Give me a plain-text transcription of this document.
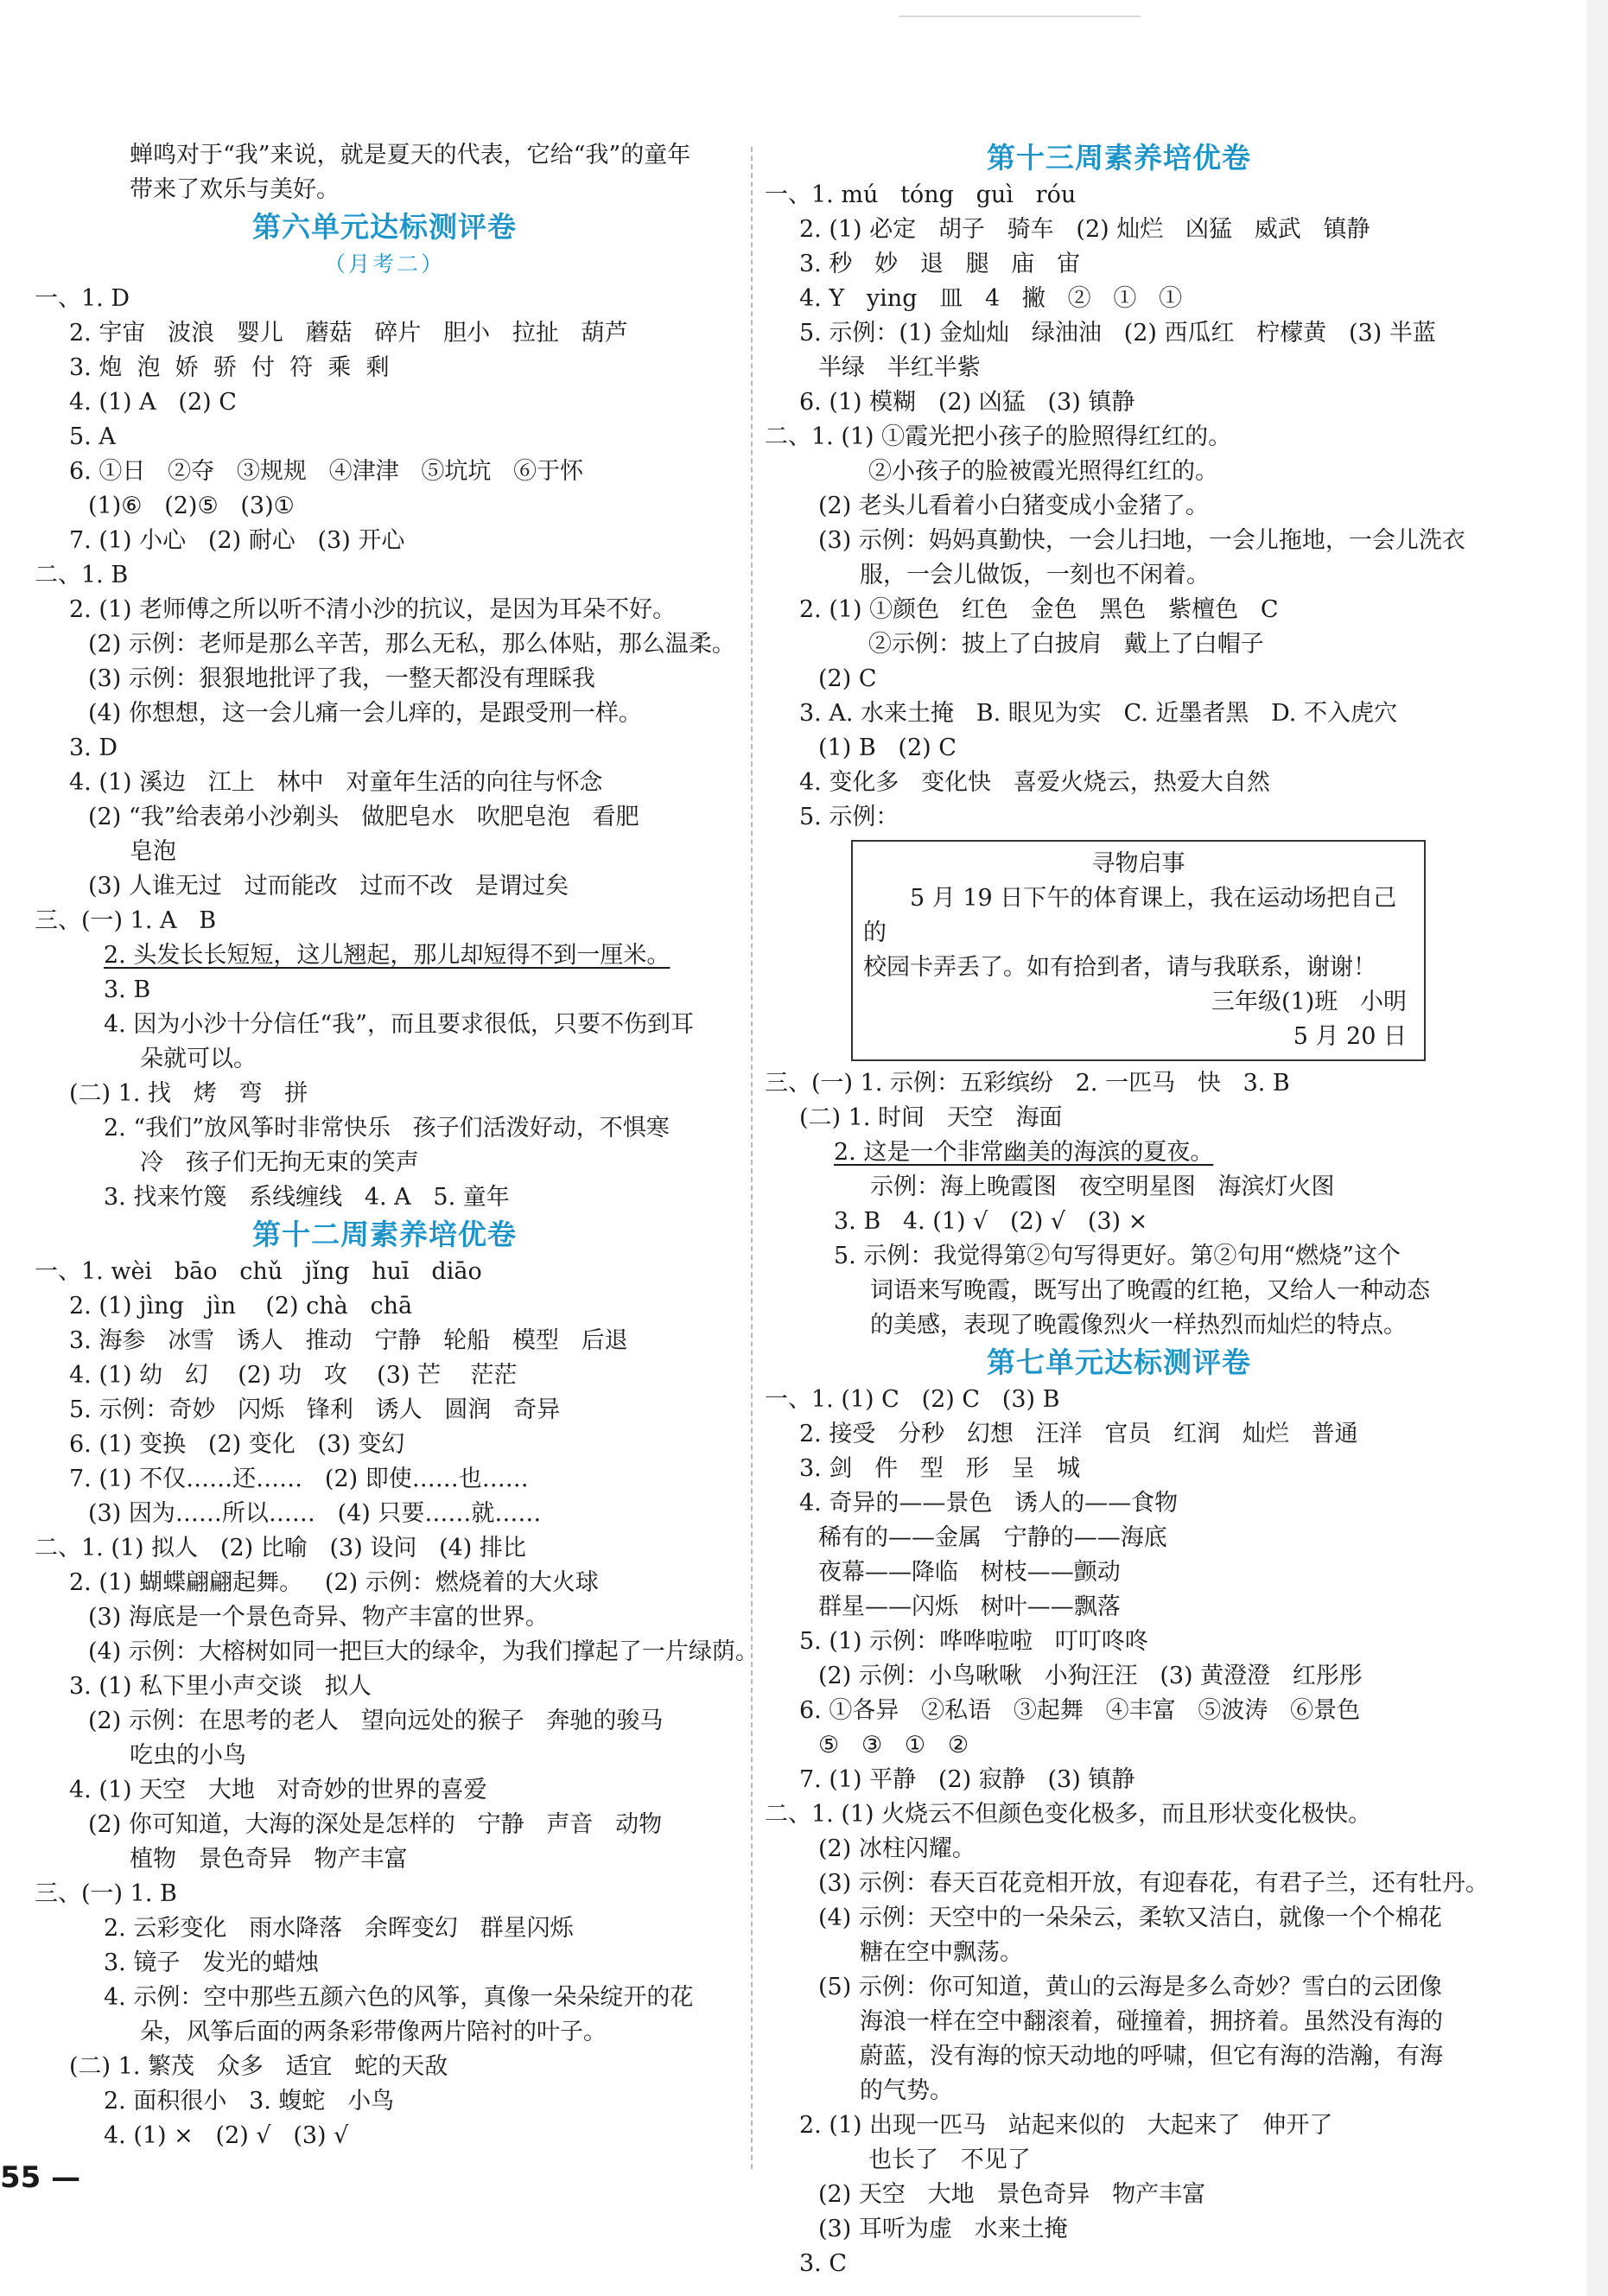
蝉鸣对于“我”来说，就是夏天的代表，它给“我”的童年
带来了欢乐与美好。
第六单元达标测评卷
（月考二）
一、1. D
2. 宇宙   波浪   婴儿   蘑菇   碎片   胆小   拉扯   葫芦
3. 炮  泡  娇  骄  付  符  乘  剩
4. (1) A   (2) C
5. A
6. ①日   ②夺   ③规规   ④津津   ⑤坑坑   ⑥于怀
(1)⑥   (2)⑤   (3)①
7. (1) 小心   (2) 耐心   (3) 开心
二、1. B
2. (1) 老师傅之所以听不清小沙的抗议，是因为耳朵不好。
(2) 示例：老师是那么辛苦，那么无私，那么体贴，那么温柔。
(3) 示例：狠狠地批评了我，一整天都没有理睬我
(4) 你想想，这一会儿痛一会儿痒的，是跟受刑一样。
3. D
4. (1) 溪边   江上   林中   对童年生活的向往与怀念
(2) “我”给表弟小沙剃头   做肥皂水   吹肥皂泡   看肥
皂泡
(3) 人谁无过   过而能改   过而不改   是谓过矣
三、(一) 1. A   B
2. 头发长长短短，这儿翘起，那儿却短得不到一厘米。
3. B
4. 因为小沙十分信任“我”，而且要求很低，只要不伤到耳
朵就可以。
(二) 1. 找   烤   弯   拼
2. “我们”放风筝时非常快乐   孩子们活泼好动，不惧寒
冷   孩子们无拘无束的笑声
3. 找来竹篾   系线缠线   4. A   5. 童年
第十二周素养培优卷
一、1. wèi   bāo   chǔ   jǐng   huī   diāo
2. (1) jìng   jìn    (2) chà   chā
3. 海参   冰雪   诱人   推动   宁静   轮船   模型   后退
4. (1) 幼   幻    (2) 功   攻    (3) 芒    茫茫
5. 示例：奇妙   闪烁   锋利   诱人   圆润   奇异
6. (1) 变换   (2) 变化   (3) 变幻
7. (1) 不仅……还……   (2) 即使……也……
(3) 因为……所以……   (4) 只要……就……
二、1. (1) 拟人   (2) 比喻   (3) 设问   (4) 排比
2. (1) 蝴蝶翩翩起舞。   (2) 示例：燃烧着的大火球
(3) 海底是一个景色奇异、物产丰富的世界。
(4) 示例：大榕树如同一把巨大的绿伞，为我们撑起了一片绿荫。
3. (1) 私下里小声交谈   拟人
(2) 示例：在思考的老人   望向远处的猴子   奔驰的骏马
吃虫的小鸟
4. (1) 天空   大地   对奇妙的世界的喜爱
(2) 你可知道，大海的深处是怎样的   宁静   声音   动物
植物   景色奇异   物产丰富
三、(一) 1. B
2. 云彩变化   雨水降落   余晖变幻   群星闪烁
3. 镜子   发光的蜡烛
4. 示例：空中那些五颜六色的风筝，真像一朵朵绽开的花
朵，风筝后面的两条彩带像两片陪衬的叶子。
(二) 1. 繁茂   众多   适宜   蛇的天敌
2. 面积很小   3. 蝮蛇   小鸟
4. (1) ×   (2) √   (3) √
第十三周素养培优卷
一、1. mú   tóng   guì   róu
2. (1) 必定   胡子   骑车   (2) 灿烂   凶猛   威武   镇静
3. 秒   妙   退   腿   庙   宙
4. Y   ying   皿   4   撇   ②   ①   ①
5. 示例：(1) 金灿灿   绿油油   (2) 西瓜红   柠檬黄   (3) 半蓝
半绿   半红半紫
6. (1) 模糊   (2) 凶猛   (3) 镇静
二、1. (1) ①霞光把小孩子的脸照得红红的。
②小孩子的脸被霞光照得红红的。
(2) 老头儿看着小白猪变成小金猪了。
(3) 示例：妈妈真勤快，一会儿扫地，一会儿拖地，一会儿洗衣
服，一会儿做饭，一刻也不闲着。
2. (1) ①颜色   红色   金色   黑色   紫檀色   C
②示例：披上了白披肩   戴上了白帽子
(2) C
3. A. 水来土掩   B. 眼见为实   C. 近墨者黑   D. 不入虎穴
(1) B   (2) C
4. 变化多   变化快   喜爱火烧云，热爱大自然
5. 示例：
寻物启事
5 月 19 日下午的体育课上，我在运动场把自己的
校园卡弄丢了。如有拾到者，请与我联系，谢谢！
三年级(1)班   小明
5 月 20 日
三、(一) 1. 示例：五彩缤纷   2. 一匹马   快   3. B
(二) 1. 时间   天空   海面
2. 这是一个非常幽美的海滨的夏夜。
示例：海上晚霞图   夜空明星图   海滨灯火图
3. B   4. (1) √   (2) √   (3) ×
5. 示例：我觉得第②句写得更好。第②句用“燃烧”这个
词语来写晚霞，既写出了晚霞的红艳，又给人一种动态
的美感，表现了晚霞像烈火一样热烈而灿烂的特点。
第七单元达标测评卷
一、1. (1) C   (2) C   (3) B
2. 接受   分秒   幻想   汪洋   官员   红润   灿烂   普通
3. 剑   件   型   形   呈   城
4. 奇异的——景色   诱人的——食物
稀有的——金属   宁静的——海底
夜幕——降临   树枝——颤动
群星——闪烁   树叶——飘落
5. (1) 示例：哗哗啦啦   叮叮咚咚
(2) 示例：小鸟啾啾   小狗汪汪   (3) 黄澄澄   红彤彤
6. ①各异   ②私语   ③起舞   ④丰富   ⑤波涛   ⑥景色
⑤   ③   ①   ②
7. (1) 平静   (2) 寂静   (3) 镇静
二、1. (1) 火烧云不但颜色变化极多，而且形状变化极快。
(2) 冰柱闪耀。
(3) 示例：春天百花竞相开放，有迎春花，有君子兰，还有牡丹。
(4) 示例：天空中的一朵朵云，柔软又洁白，就像一个个棉花
糖在空中飘荡。
(5) 示例：你可知道，黄山的云海是多么奇妙？雪白的云团像
海浪一样在空中翻滚着，碰撞着，拥挤着。虽然没有海的
蔚蓝，没有海的惊天动地的呼啸，但它有海的浩瀚，有海
的气势。
2. (1) 出现一匹马   站起来似的   大起来了   伸开了
也长了   不见了
(2) 天空   大地   景色奇异   物产丰富
(3) 耳听为虚   水来土掩
3. C
55 —
